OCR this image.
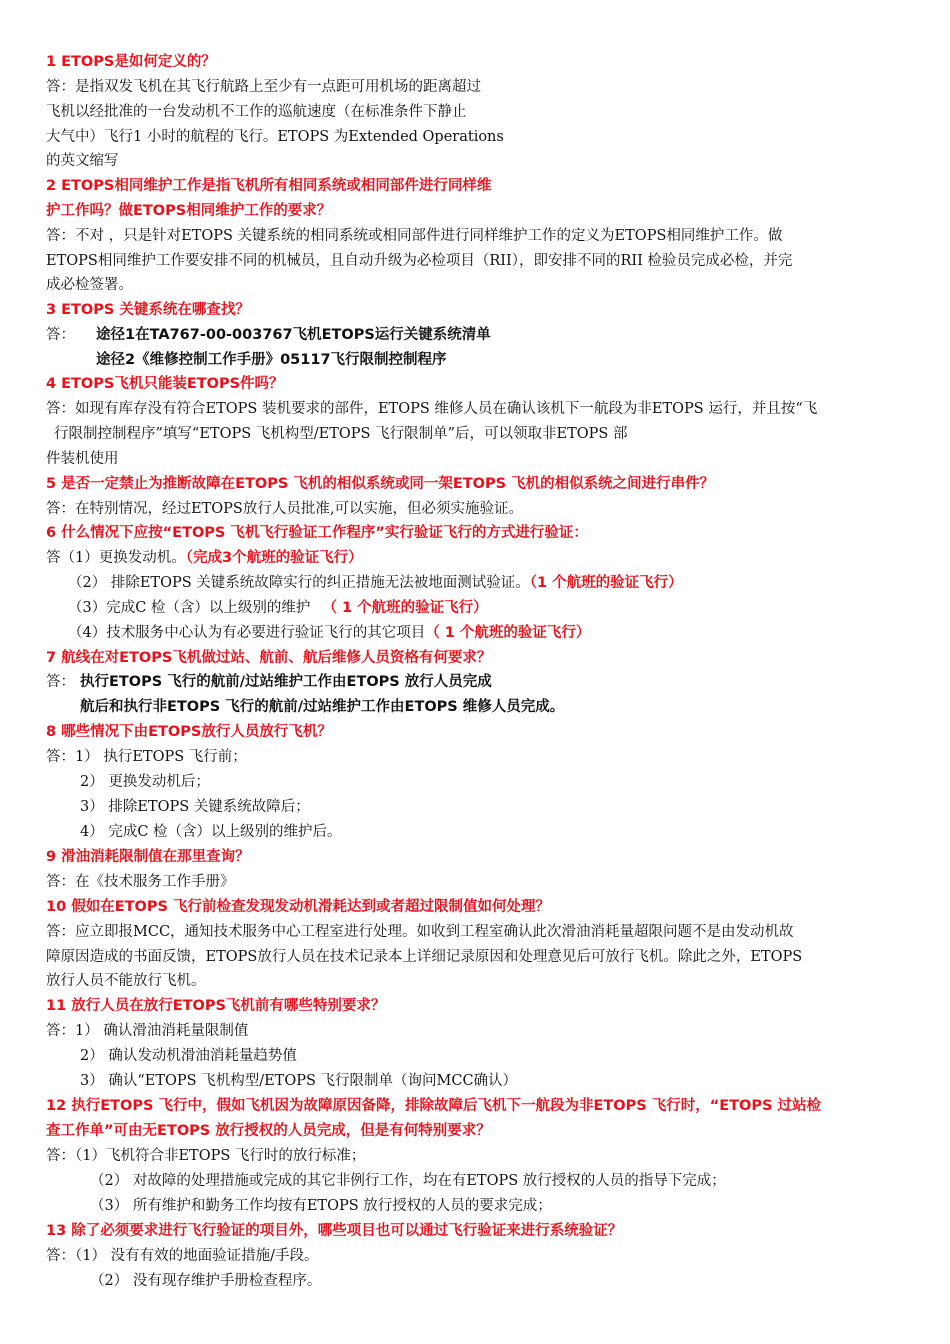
1 ETOPS是如何定义的？
答：是指双发飞机在其飞行航路上至少有一点距可用机场的距离超过
飞机以经批准的一台发动机不工作的巡航速度（在标准条件下静止
大气中）飞行1 小时的航程的飞行。ETOPS 为Extended Operations
的英文缩写
2 ETOPS相同维护工作是指飞机所有相同系统或相同部件进行同样维
护工作吗？做ETOPS相同维护工作的要求？
答：不对 ，只是针对ETOPS 关键系统的相同系统或相同部件进行同样维护工作的定义为ETOPS相同维护工作。做
ETOPS相同维护工作要安排不同的机械员，且自动升级为必检项目（RII），即安排不同的RII 检验员完成必检，并完
成必检签署。
3 ETOPS 关键系统在哪查找？
答： 途径1在TA767-00-003767飞机ETOPS运行关键系统清单
途径2《维修控制工作手册》05117飞行限制控制程序
4 ETOPS飞机只能装ETOPS件吗？
答：如现有库存没有符合ETOPS 装机要求的部件，ETOPS 维修人员在确认该机下一航段为非ETOPS 运行，并且按“飞
行限制控制程序”填写“ETOPS 飞机构型/ETOPS 飞行限制单”后，可以领取非ETOPS 部
件装机使用
5 是否一定禁止为推断故障在ETOPS 飞机的相似系统或同一架ETOPS 飞机的相似系统之间进行串件？
答：在特别情况，经过ETOPS放行人员批准,可以实施，但必须实施验证。
6 什么情况下应按“ETOPS 飞机飞行验证工作程序”实行验证飞行的方式进行验证：
答（1）更换发动机。（完成3个航班的验证飞行）
（2） 排除ETOPS 关键系统故障实行的纠正措施无法被地面测试验证。（1 个航班的验证飞行）
（3）完成C 检（含）以上级别的维护 （ 1 个航班的验证飞行）
（4）技术服务中心认为有必要进行验证飞行的其它项目（ 1 个航班的验证飞行）
7 航线在对ETOPS飞机做过站、航前、航后维修人员资格有何要求？
答： 执行ETOPS 飞行的航前/过站维护工作由ETOPS 放行人员完成
航后和执行非ETOPS 飞行的航前/过站维护工作由ETOPS 维修人员完成。
8 哪些情况下由ETOPS放行人员放行飞机？
答：1） 执行ETOPS 飞行前；
2） 更换发动机后；
3） 排除ETOPS 关键系统故障后；
4） 完成C 检（含）以上级别的维护后。
9 滑油消耗限制值在那里查询？
答：在《技术服务工作手册》
10 假如在ETOPS 飞行前检查发现发动机滑耗达到或者超过限制值如何处理？
答：应立即报MCC，通知技术服务中心工程室进行处理。如收到工程室确认此次滑油消耗量超限问题不是由发动机故
障原因造成的书面反馈，ETOPS放行人员在技术记录本上详细记录原因和处理意见后可放行飞机。除此之外，ETOPS
放行人员不能放行飞机。
11 放行人员在放行ETOPS飞机前有哪些特别要求？
答：1） 确认滑油消耗量限制值
2） 确认发动机滑油消耗量趋势值
3） 确认“ETOPS 飞机构型/ETOPS 飞行限制单（询问MCC确认）
12 执行ETOPS 飞行中，假如飞机因为故障原因备降，排除故障后飞机下一航段为非ETOPS 飞行时，“ETOPS 过站检
查工作单”可由无ETOPS 放行授权的人员完成，但是有何特别要求？
答：（1）飞机符合非ETOPS 飞行时的放行标准；
（2） 对故障的处理措施或完成的其它非例行工作，均在有ETOPS 放行授权的人员的指导下完成；
（3） 所有维护和勤务工作均按有ETOPS 放行授权的人员的要求完成；
13 除了必须要求进行飞行验证的项目外，哪些项目也可以通过飞行验证来进行系统验证？
答：（1） 没有有效的地面验证措施/手段。
（2） 没有现存维护手册检查程序。
